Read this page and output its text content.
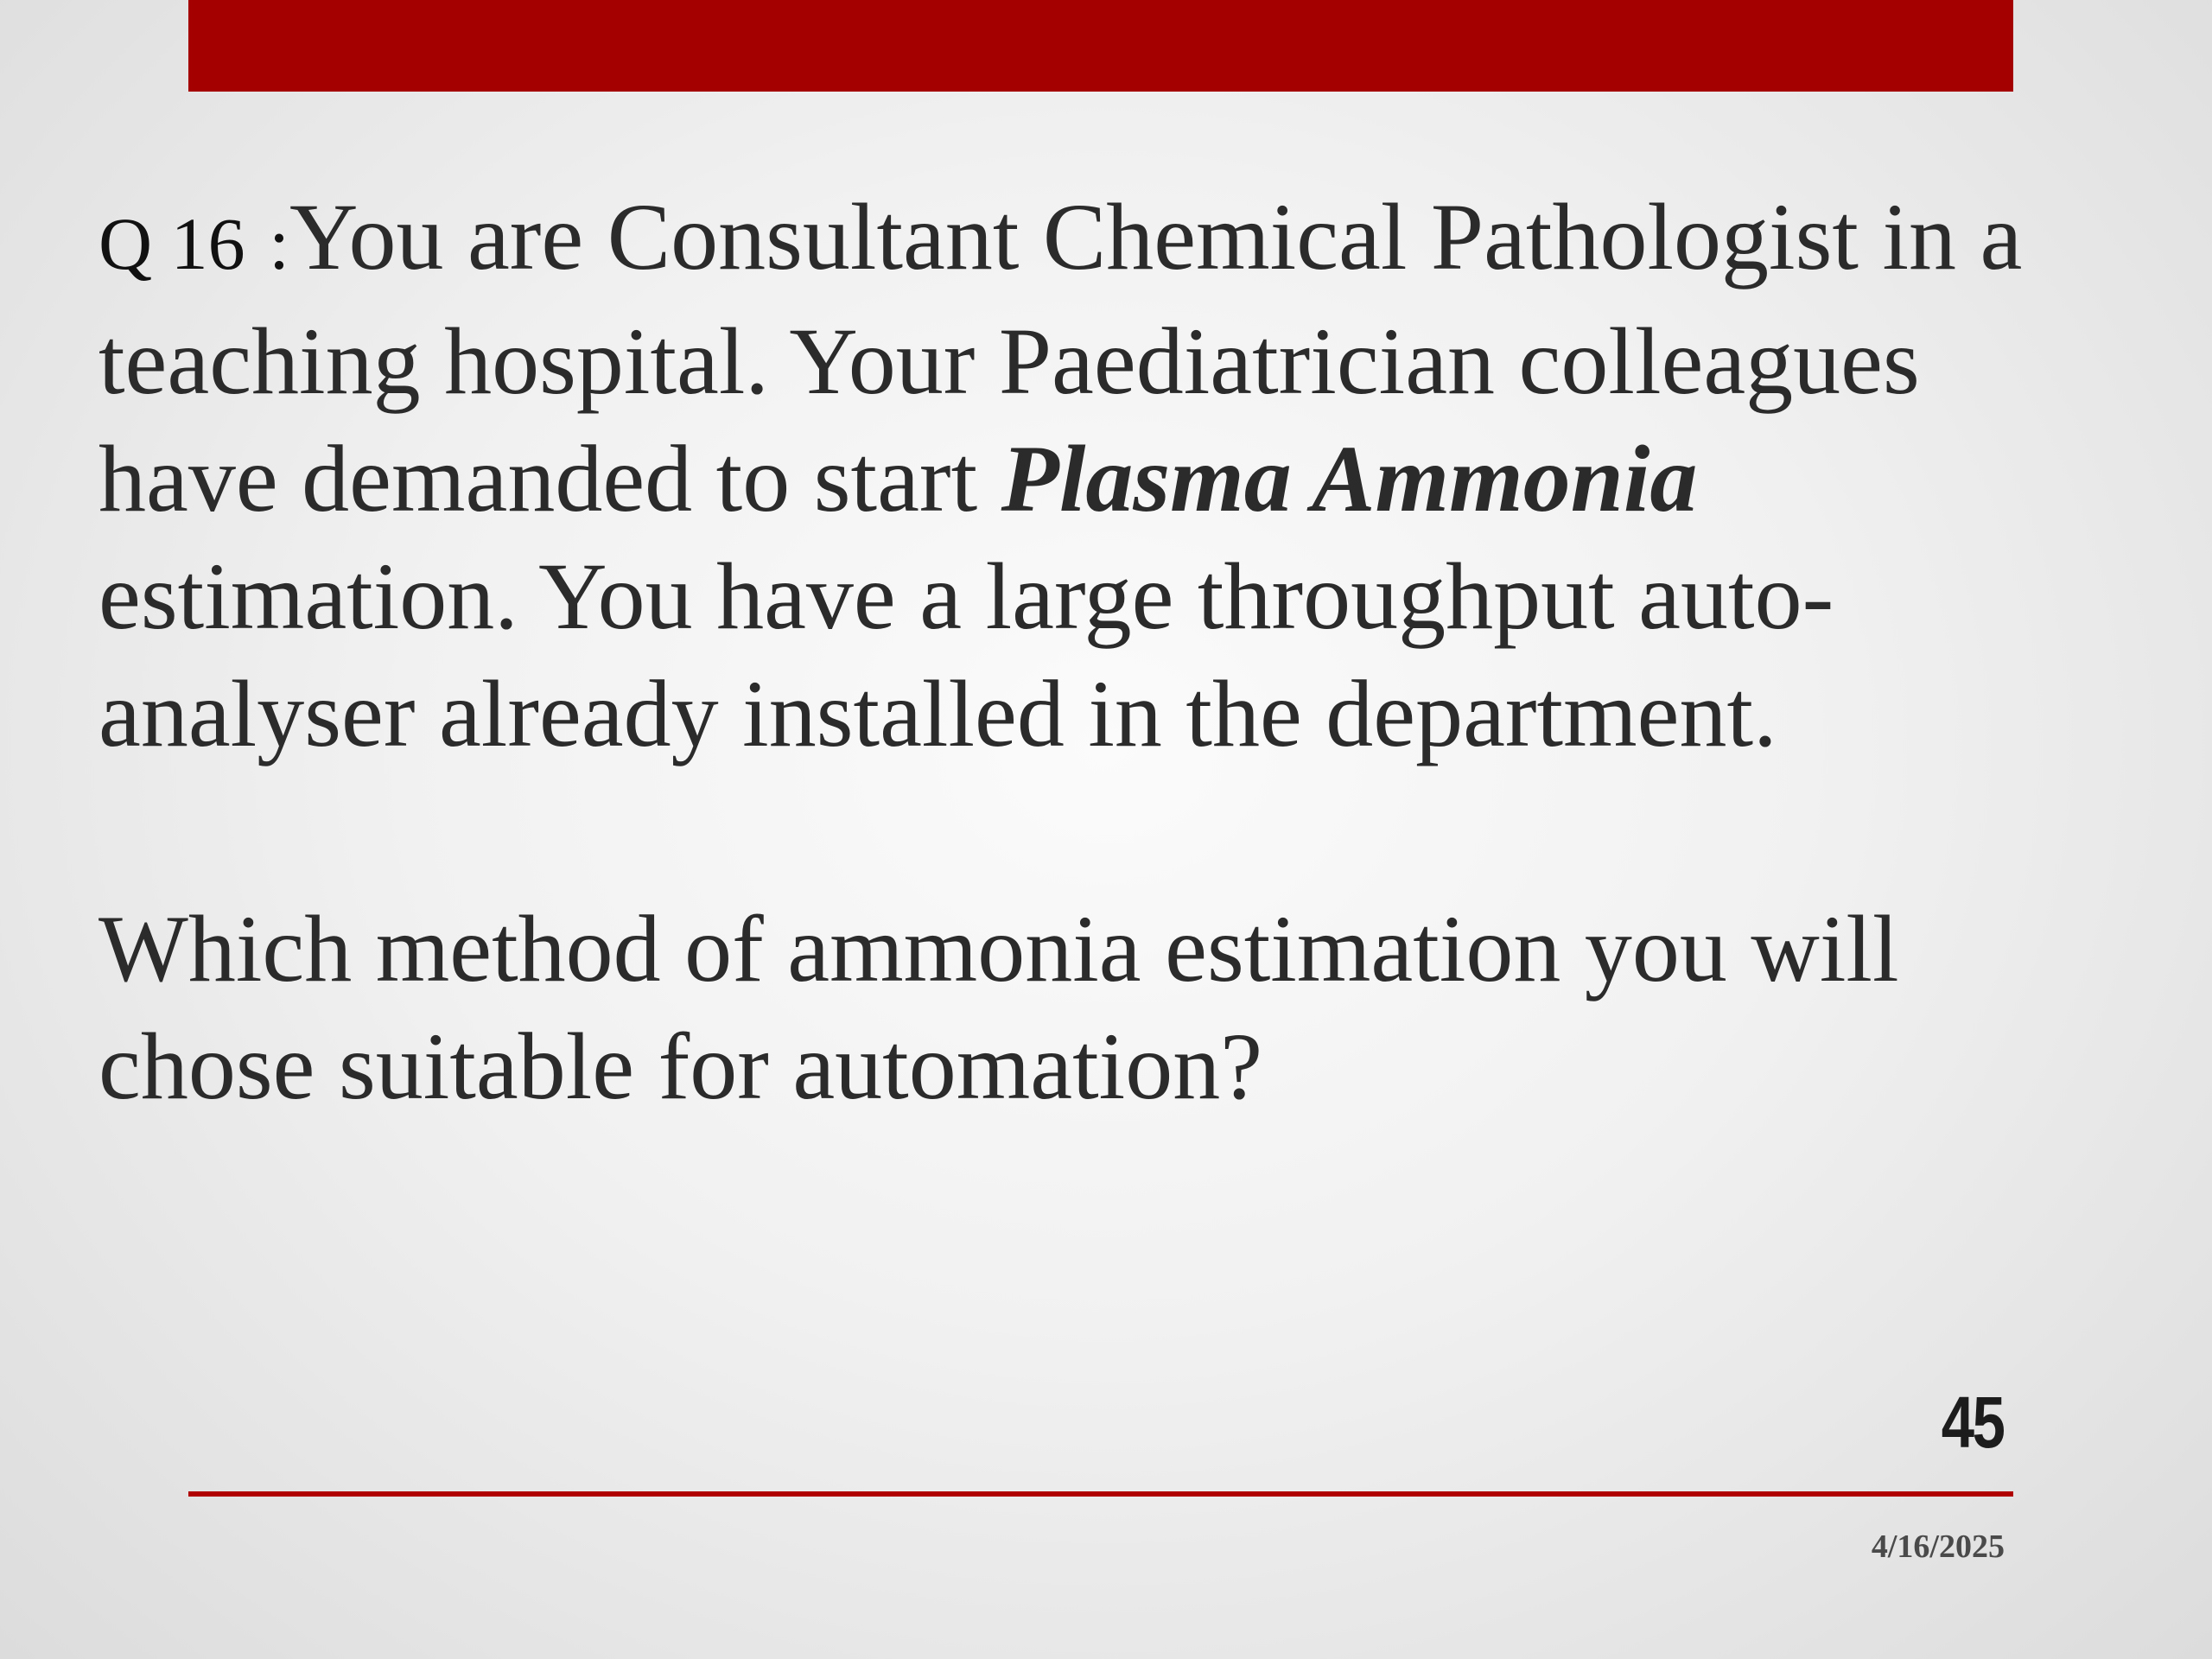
Q 16 :You are Consultant Chemical Pathologist in a teaching hospital. Your Paediatrician colleagues have demanded to start Plasma Ammonia estimation. You have a large throughput auto-analyser already installed in the department.

Which method of ammonia estimation you will chose suitable for automation?

45
4/16/2025
